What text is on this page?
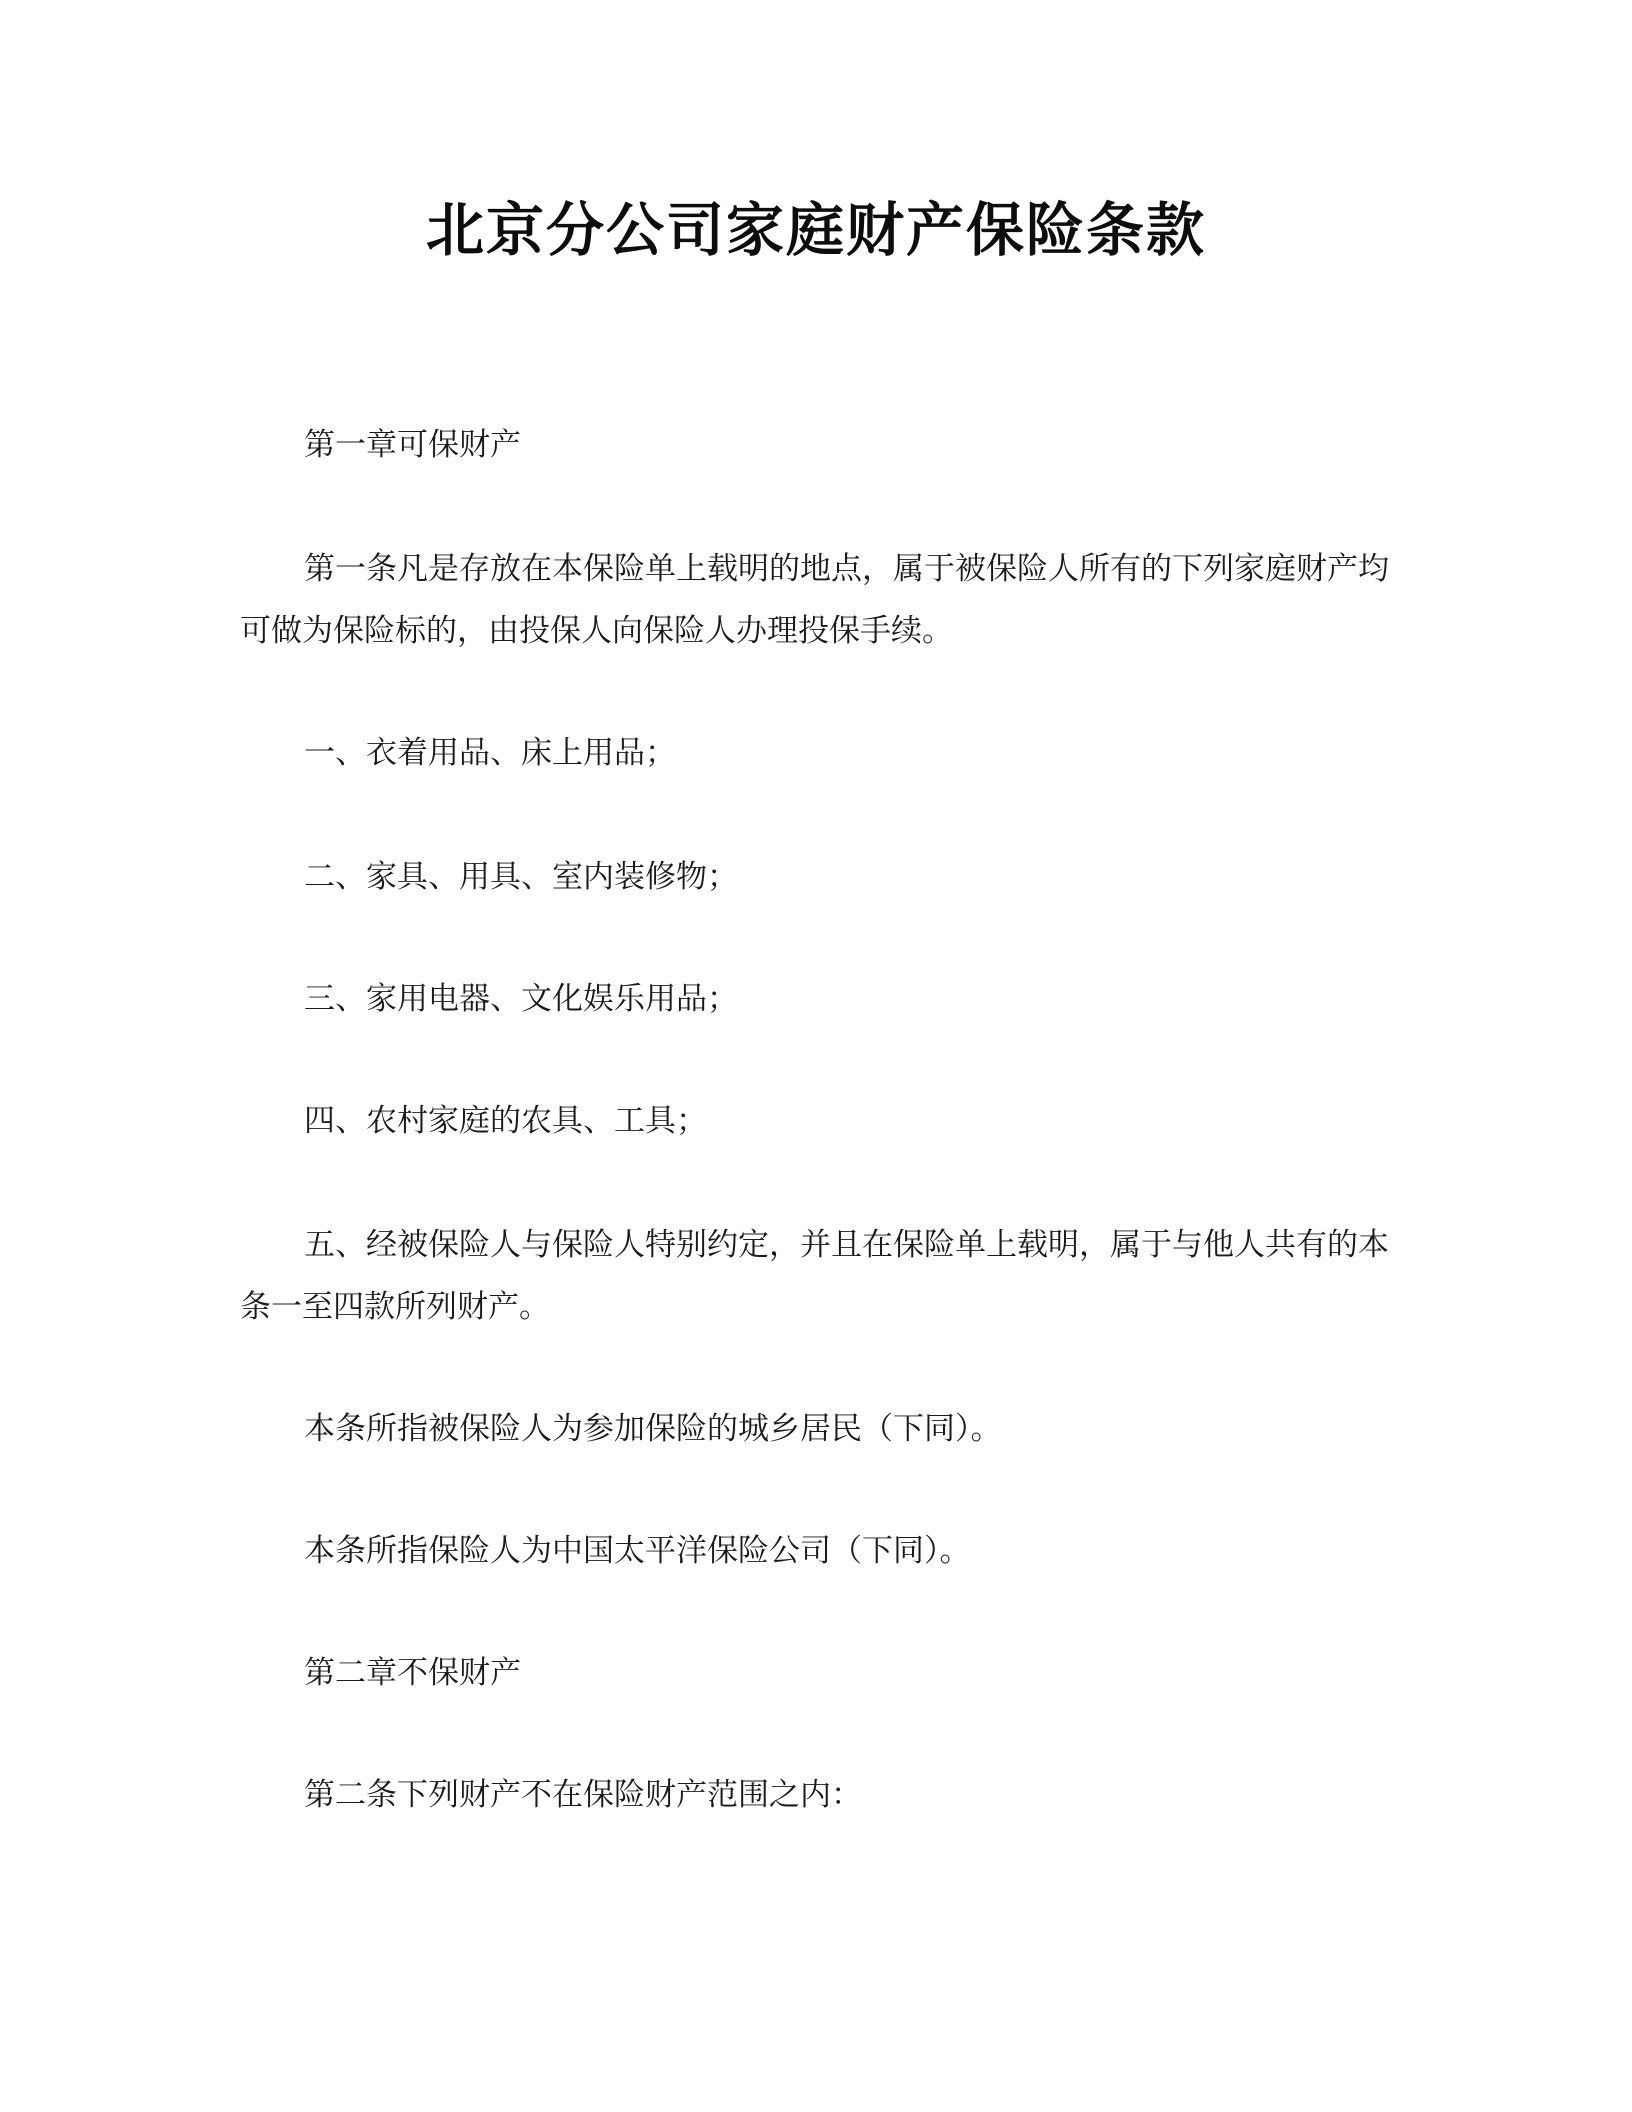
北京分公司家庭财产保险条款

第一章可保财产

第一条凡是存放在本保险单上载明的地点，属于被保险人所有的下列家庭财产均可做为保险标的，由投保人向保险人办理投保手续。

一、衣着用品、床上用品；

二、家具、用具、室内装修物；

三、家用电器、文化娱乐用品；

四、农村家庭的农具、工具；

五、经被保险人与保险人特别约定，并且在保险单上载明，属于与他人共有的本条一至四款所列财产。

本条所指被保险人为参加保险的城乡居民（下同）。

本条所指保险人为中国太平洋保险公司（下同）。

第二章不保财产

第二条下列财产不在保险财产范围之内：
